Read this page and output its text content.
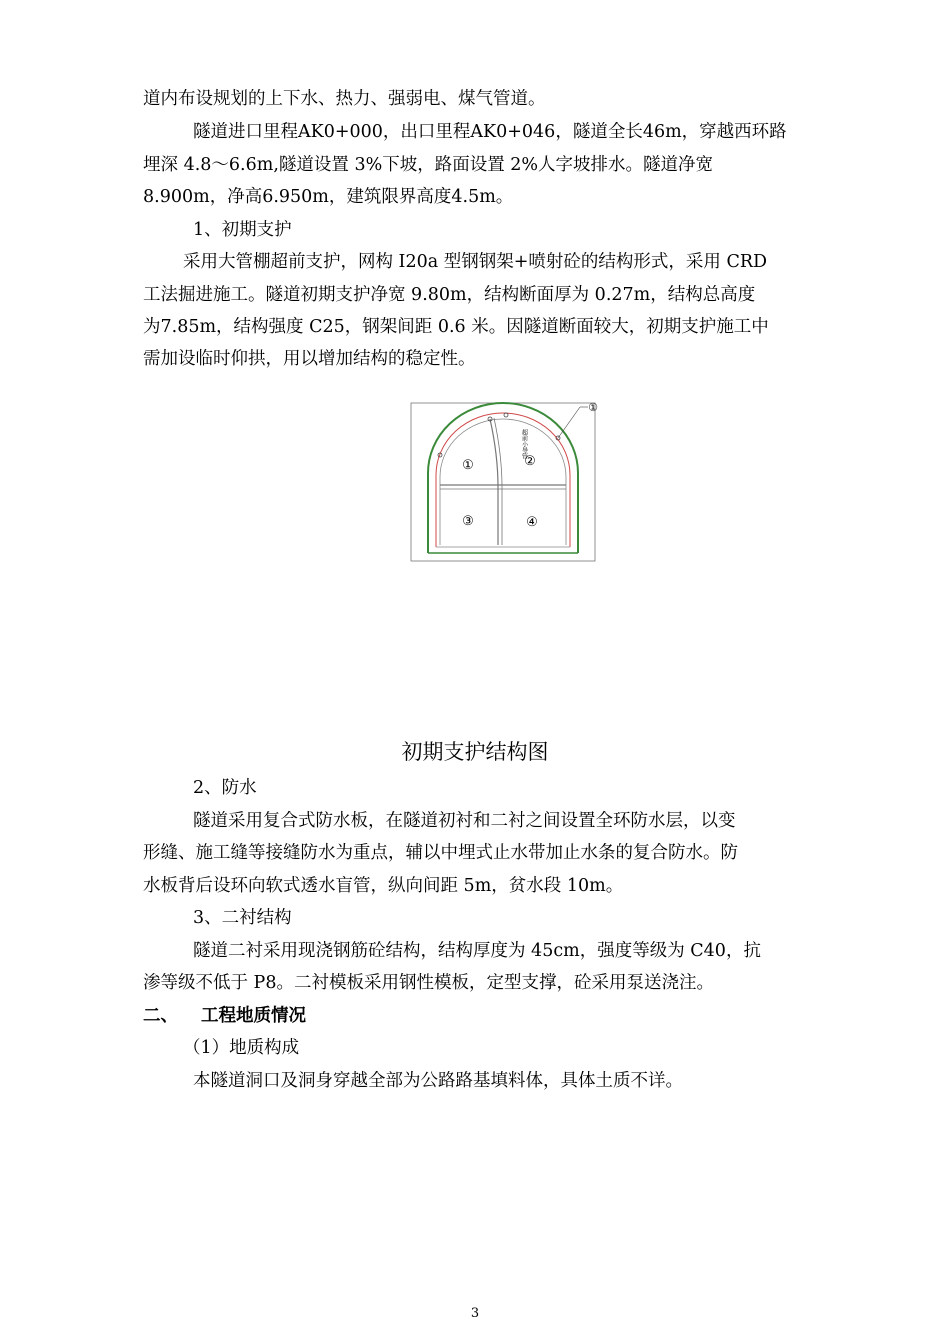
道内布设规划的上下水、热力、强弱电、煤气管道。
隧道进口里程AK0+000，出口里程AK0+046，隧道全长46m，穿越西环路
埋深 4.8～6.6m,隧道设置 3%下坡，路面设置 2%人字坡排水。隧道净宽
8.900m，净高6.950m，建筑限界高度4.5m。
1、初期支护
采用大管棚超前支护，网构 I20a 型钢钢架+喷射砼的结构形式，采用 CRD
工法掘进施工。隧道初期支护净宽 9.80m，结构断面厚为 0.27m，结构总高度
为7.85m，结构强度 C25，钢架间距 0.6 米。因隧道断面较大，初期支护施工中
需加设临时仰拱，用以增加结构的稳定性。
①
超前小导管
①	②
③	④
初期支护结构图
2、防水
隧道采用复合式防水板，在隧道初衬和二衬之间设置全环防水层，以变
形缝、施工缝等接缝防水为重点，辅以中埋式止水带加止水条的复合防水。防
水板背后设环向软式透水盲管，纵向间距 5m，贫水段 10m。
3、二衬结构
隧道二衬采用现浇钢筋砼结构，结构厚度为 45cm，强度等级为 C40，抗
渗等级不低于 P8。二衬模板采用钢性模板，定型支撑，砼采用泵送浇注。
二、 工程地质情况
（1）地质构成
本隧道洞口及洞身穿越全部为公路路基填料体，具体土质不详。
3
